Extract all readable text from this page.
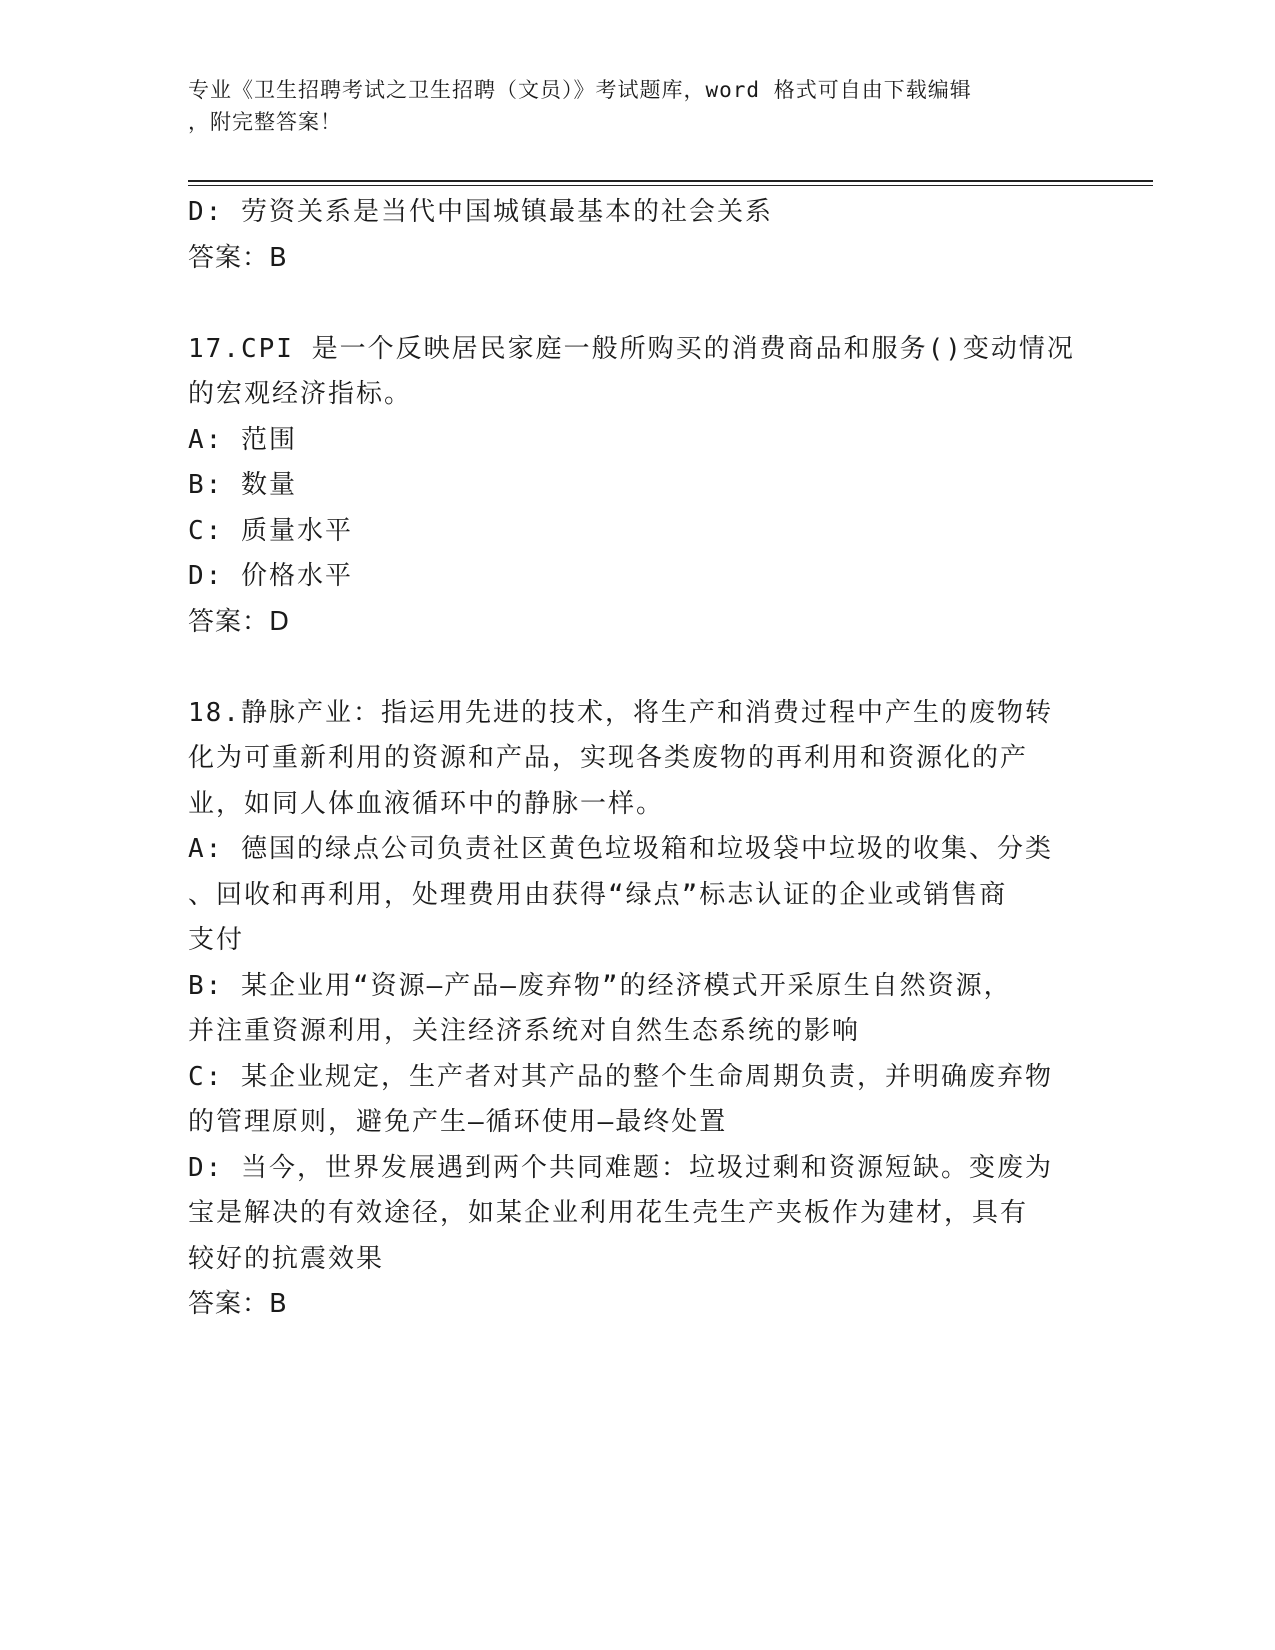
专业《卫生招聘考试之卫生招聘（文员）》考试题库，word 格式可自由下载编辑
，附完整答案！
D: 劳资关系是当代中国城镇最基本的社会关系
答案：B
17.CPI 是一个反映居民家庭一般所购买的消费商品和服务()变动情况
的宏观经济指标。
A: 范围
B: 数量
C: 质量水平
D: 价格水平
答案：D
18.静脉产业：指运用先进的技术，将生产和消费过程中产生的废物转
化为可重新利用的资源和产品，实现各类废物的再利用和资源化的产
业，如同人体血液循环中的静脉一样。
A: 德国的绿点公司负责社区黄色垃圾箱和垃圾袋中垃圾的收集、分类
、回收和再利用，处理费用由获得“绿点”标志认证的企业或销售商
支付
B: 某企业用“资源—产品—废弃物”的经济模式开采原生自然资源，
并注重资源利用，关注经济系统对自然生态系统的影响
C: 某企业规定，生产者对其产品的整个生命周期负责，并明确废弃物
的管理原则，避免产生—循环使用—最终处置
D: 当今，世界发展遇到两个共同难题：垃圾过剩和资源短缺。变废为
宝是解决的有效途径，如某企业利用花生壳生产夹板作为建材，具有
较好的抗震效果
答案：B
